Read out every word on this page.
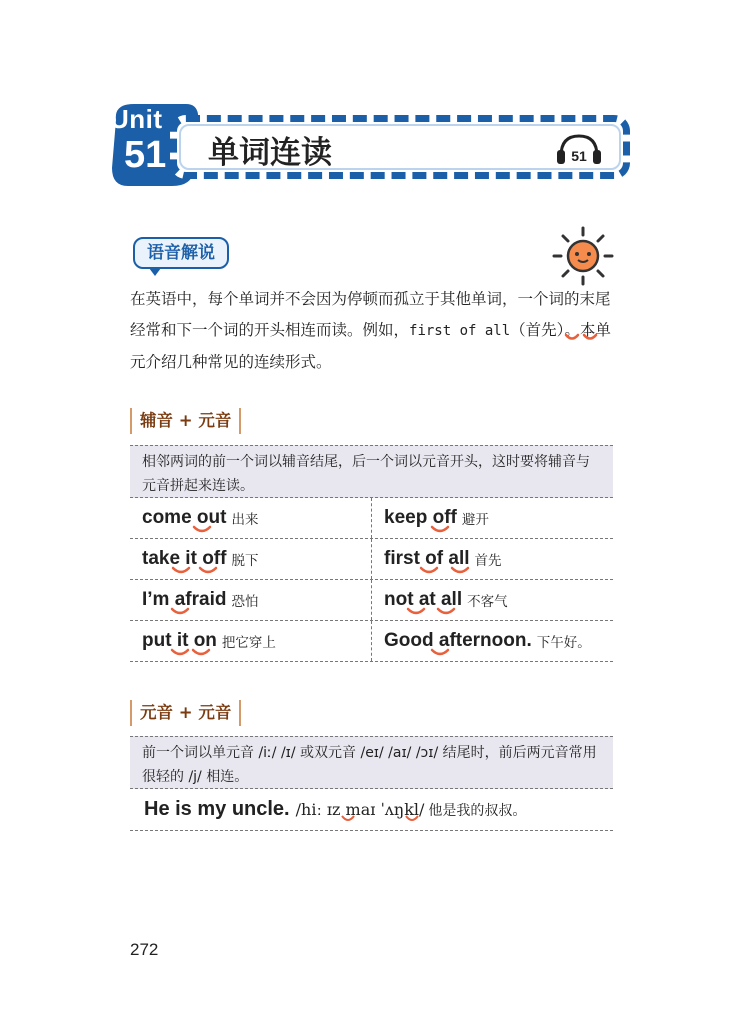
Unit
51 单词连读	51
语音解说
在英语中，每个单词并不会因为停顿而孤立于其他单词，一个词的末尾经常和下一个词的开头相连而读。例如，first of all（首先）。本单元介绍几种常见的连续形式。
辅音 + 元音
相邻两词的前一个词以辅音结尾，后一个词以元音开头，这时要将辅音与元音拼起来连读。
come out 出来	keep off 避开
take it off 脱下	first of all 首先
I’m afraid 恐怕	not at all 不客气
put it on 把它穿上	Good afternoon. 下午好。
元音 + 元音
前一个词以单元音 /iː/ /ɪ/ 或双元音 /eɪ/ /aɪ/ /ɔɪ/ 结尾时，前后两元音常用很轻的 /j/ 相连。
He is my uncle. /hiː ɪz maɪ ˈʌŋkl/ 他是我的叔叔。
272
